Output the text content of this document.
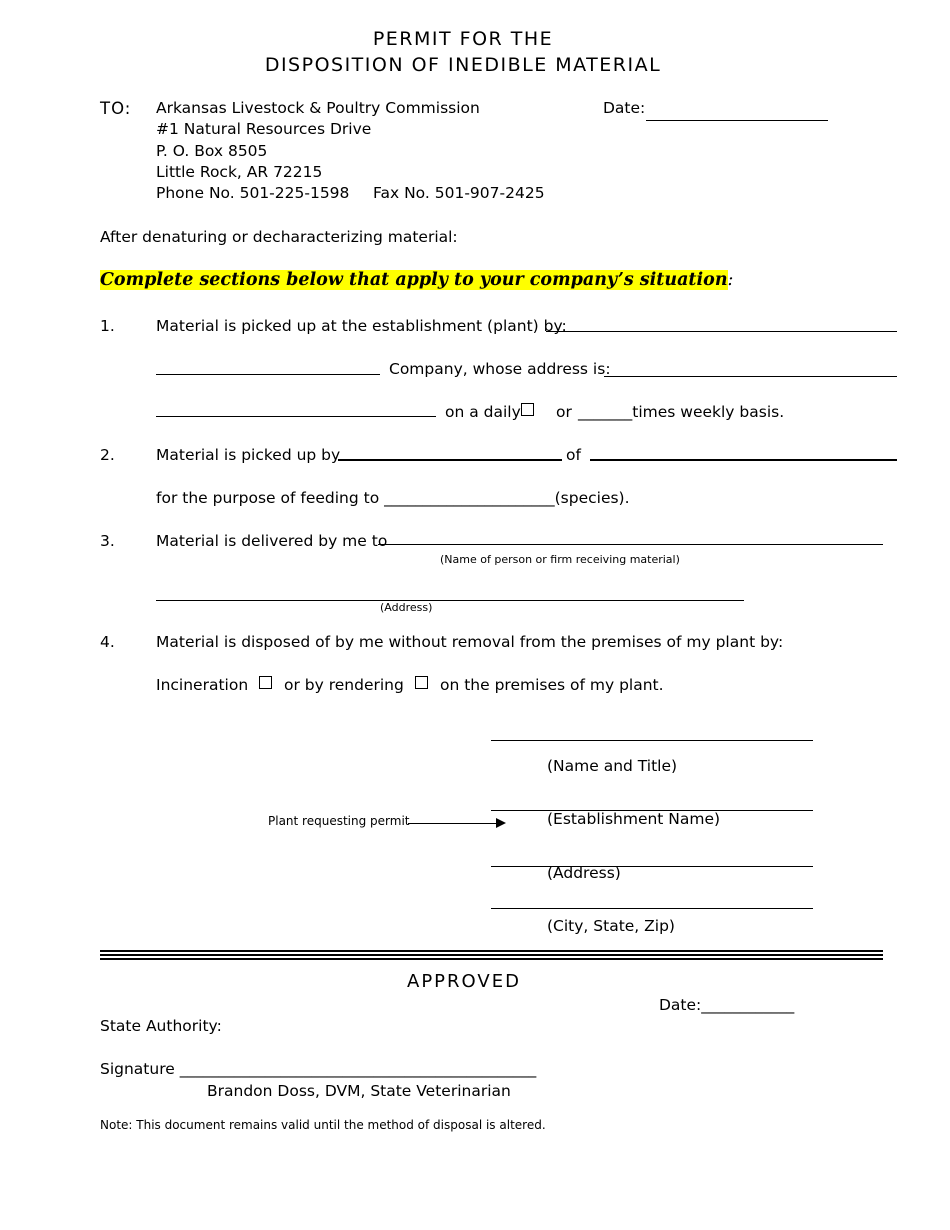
PERMIT FOR THE
DISPOSITION OF INEDIBLE MATERIAL
TO: Arkansas Livestock & Poultry Commission
#1 Natural Resources Drive
P. O. Box 8505
Little Rock, AR 72215
Phone No. 501-225-1598 Fax No. 501-907-2425
Date:
After denaturing or decharacterizing material:
Complete sections below that apply to your company’s situation:
1.	Material is picked up at the establishment (plant) by:
Company, whose address is:
on a daily	or _______times weekly basis.
2.	Material is picked up by	of
for the purpose of feeding to ______________________(species).
3.	Material is delivered by me to
(Name of person or firm receiving material)
(Address)
4.	Material is disposed of by me without removal from the premises of my plant by:
Incineration	or by rendering	on the premises of my plant.
(Name and Title)
(Establishment Name)
Plant requesting permit
(Address)
(City, State, Zip)
APPROVED
Date:____________
State Authority:
Signature ______________________________________________
Brandon Doss, DVM, State Veterinarian
Note: This document remains valid until the method of disposal is altered.
